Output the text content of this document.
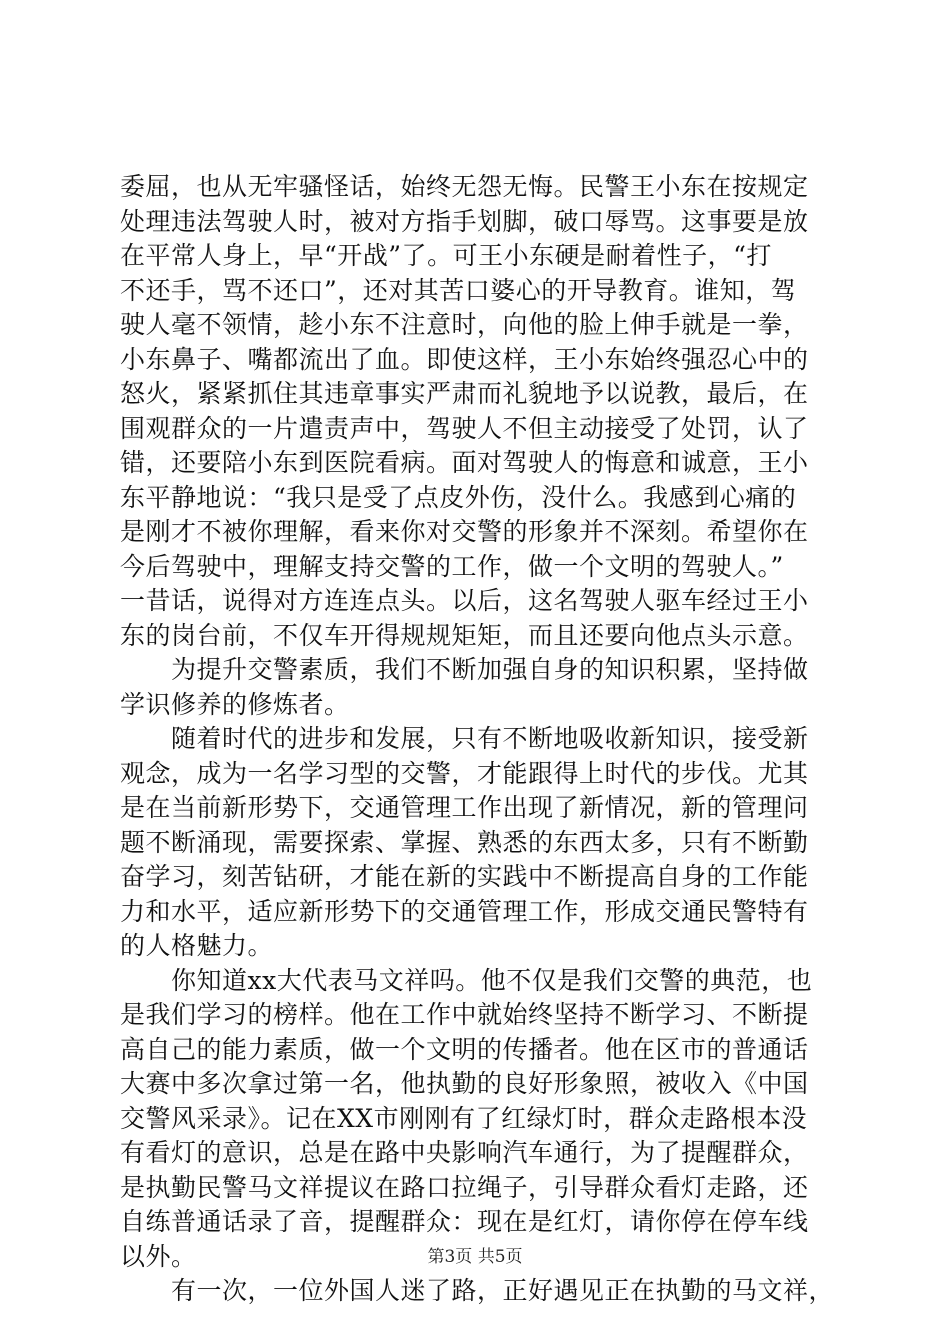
委屈，也从无牢骚怪话，始终无怨无悔。民警王小东在按规定
处理违法驾驶人时，被对方指手划脚，破口辱骂。这事要是放
在平常人身上，早“开战”了。可王小东硬是耐着性子，“打
不还手，骂不还口”，还对其苦口婆心的开导教育。谁知，驾
驶人毫不领情，趁小东不注意时，向他的脸上伸手就是一拳，
小东鼻子、嘴都流出了血。即使这样，王小东始终强忍心中的
怒火，紧紧抓住其违章事实严肃而礼貌地予以说教，最后，在
围观群众的一片遣责声中，驾驶人不但主动接受了处罚，认了
错，还要陪小东到医院看病。面对驾驶人的悔意和诚意，王小
东平静地说：“我只是受了点皮外伤，没什么。我感到心痛的
是刚才不被你理解，看来你对交警的形象并不深刻。希望你在
今后驾驶中，理解支持交警的工作，做一个文明的驾驶人。”
一昔话，说得对方连连点头。以后，这名驾驶人驱车经过王小
东的岗台前，不仅车开得规规矩矩，而且还要向他点头示意。
　　为提升交警素质，我们不断加强自身的知识积累，坚持做
学识修养的修炼者。
　　随着时代的进步和发展，只有不断地吸收新知识，接受新
观念，成为一名学习型的交警，才能跟得上时代的步伐。尤其
是在当前新形势下，交通管理工作出现了新情况，新的管理问
题不断涌现，需要探索、掌握、熟悉的东西太多，只有不断勤
奋学习，刻苦钻研，才能在新的实践中不断提高自身的工作能
力和水平，适应新形势下的交通管理工作，形成交通民警特有
的人格魅力。
　　你知道xx大代表马文祥吗。他不仅是我们交警的典范，也
是我们学习的榜样。他在工作中就始终坚持不断学习、不断提
高自己的能力素质，做一个文明的传播者。他在区市的普通话
大赛中多次拿过第一名，他执勤的良好形象照，被收入《中国
交警风采录》。记在XX市刚刚有了红绿灯时，群众走路根本没
有看灯的意识，总是在路中央影响汽车通行，为了提醒群众，
是执勤民警马文祥提议在路口拉绳子，引导群众看灯走路，还
自练普通话录了音，提醒群众：现在是红灯，请你停在停车线
以外。
　　有一次，一位外国人迷了路，正好遇见正在执勤的马文祥，
第3页 共5页
